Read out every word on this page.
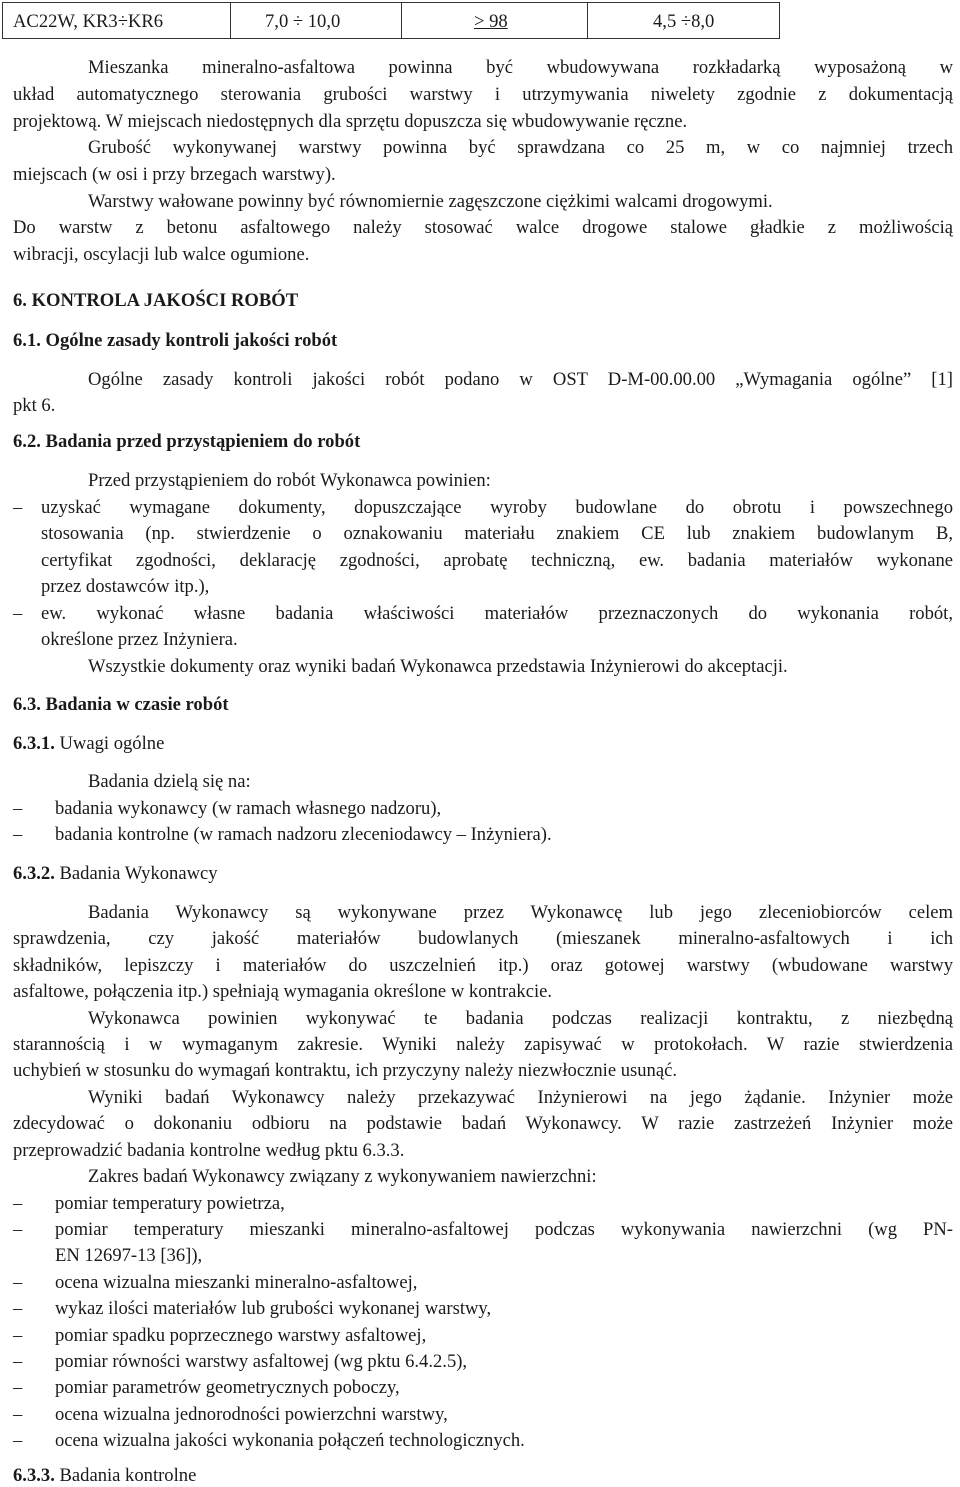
AC22W, KR3÷KR6	7,0 ÷ 10,0	> 98	4,5 ÷8,0
Mieszanka mineralno-asfaltowa powinna być wbudowywana rozkładarką wyposażoną w
układ automatycznego sterowania grubości warstwy i utrzymywania niwelety zgodnie z dokumentacją
projektową. W miejscach niedostępnych dla sprzętu dopuszcza się wbudowywanie ręczne.
Grubość wykonywanej warstwy powinna być sprawdzana co 25 m, w co najmniej trzech
miejscach (w osi i przy brzegach warstwy).
Warstwy wałowane powinny być równomiernie zagęszczone ciężkimi walcami drogowymi.
Do warstw z betonu asfaltowego należy stosować walce drogowe stalowe gładkie z możliwością
wibracji, oscylacji lub walce ogumione.
6. KONTROLA JAKOŚCI ROBÓT
6.1. Ogólne zasady kontroli jakości robót
Ogólne zasady kontroli jakości robót podano w OST D-M-00.00.00 „Wymagania ogólne” [1]
pkt 6.
6.2. Badania przed przystąpieniem do robót
Przed przystąpieniem do robót Wykonawca powinien:
–
uzyskać wymagane dokumenty, dopuszczające wyroby budowlane do obrotu i powszechnego
stosowania (np. stwierdzenie o oznakowaniu materiału znakiem CE lub znakiem budowlanym B,
certyfikat zgodności, deklarację zgodności, aprobatę techniczną, ew. badania materiałów wykonane
przez dostawców itp.),
–
ew. wykonać własne badania właściwości materiałów przeznaczonych do wykonania robót,
określone przez Inżyniera.
Wszystkie dokumenty oraz wyniki badań Wykonawca przedstawia Inżynierowi do akceptacji.
6.3. Badania w czasie robót
6.3.1. Uwagi ogólne
Badania dzielą się na:
–
badania wykonawcy (w ramach własnego nadzoru),
–
badania kontrolne (w ramach nadzoru zleceniodawcy – Inżyniera).
6.3.2. Badania Wykonawcy
Badania Wykonawcy są wykonywane przez Wykonawcę lub jego zleceniobiorców celem
sprawdzenia, czy jakość materiałów budowlanych (mieszanek mineralno-asfaltowych i ich
składników, lepiszczy i materiałów do uszczelnień itp.) oraz gotowej warstwy (wbudowane warstwy
asfaltowe, połączenia itp.) spełniają wymagania określone w kontrakcie.
Wykonawca powinien wykonywać te badania podczas realizacji kontraktu, z niezbędną
starannością i w wymaganym zakresie. Wyniki należy zapisywać w protokołach. W razie stwierdzenia
uchybień w stosunku do wymagań kontraktu, ich przyczyny należy niezwłocznie usunąć.
Wyniki badań Wykonawcy należy przekazywać Inżynierowi na jego żądanie. Inżynier może
zdecydować o dokonaniu odbioru na podstawie badań Wykonawcy. W razie zastrzeżeń Inżynier może
przeprowadzić badania kontrolne według pktu 6.3.3.
Zakres badań Wykonawcy związany z wykonywaniem nawierzchni:
–
pomiar temperatury powietrza,
–
pomiar temperatury mieszanki mineralno-asfaltowej podczas wykonywania nawierzchni (wg PN-
EN 12697-13 [36]),
–
ocena wizualna mieszanki mineralno-asfaltowej,
–
wykaz ilości materiałów lub grubości wykonanej warstwy,
–
pomiar spadku poprzecznego warstwy asfaltowej,
–
pomiar równości warstwy asfaltowej (wg pktu 6.4.2.5),
–
pomiar parametrów geometrycznych poboczy,
–
ocena wizualna jednorodności powierzchni warstwy,
–
ocena wizualna jakości wykonania połączeń technologicznych.
6.3.3. Badania kontrolne
